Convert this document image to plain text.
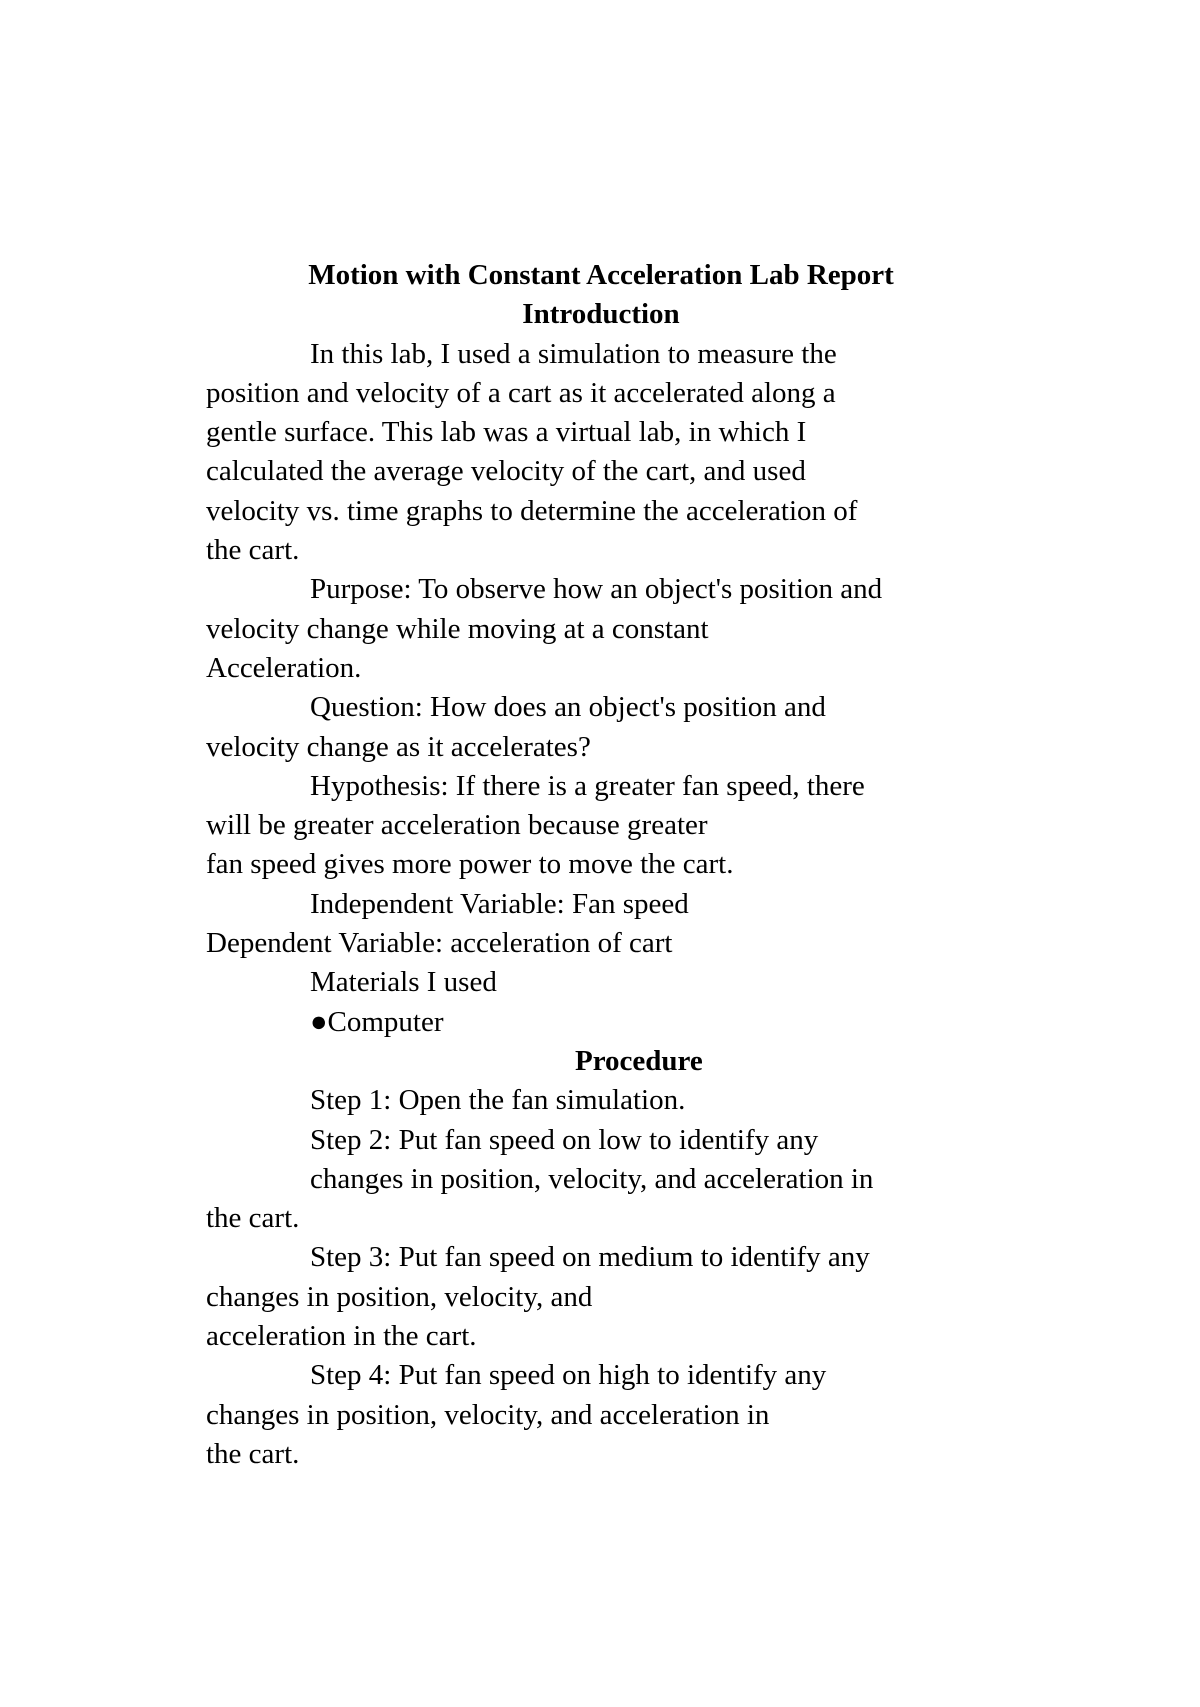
Motion with Constant Acceleration Lab Report
Introduction
In this lab, I used a simulation to measure the
position and velocity of a cart as it accelerated along a
gentle surface. This lab was a virtual lab, in which I
calculated the average velocity of the cart, and used
velocity vs. time graphs to determine the acceleration of
the cart.
Purpose: To observe how an object's position and
velocity change while moving at a constant
Acceleration.
Question: How does an object's position and
velocity change as it accelerates?
Hypothesis: If there is a greater fan speed, there
will be greater acceleration because greater
fan speed gives more power to move the cart.
Independent Variable: Fan speed
Dependent Variable: acceleration of cart
Materials I used
●Computer
Procedure
Step 1: Open the fan simulation.
Step 2: Put fan speed on low to identify any
changes in position, velocity, and acceleration in
the cart.
Step 3: Put fan speed on medium to identify any
changes in position, velocity, and
acceleration in the cart.
Step 4: Put fan speed on high to identify any
changes in position, velocity, and acceleration in
the cart.
